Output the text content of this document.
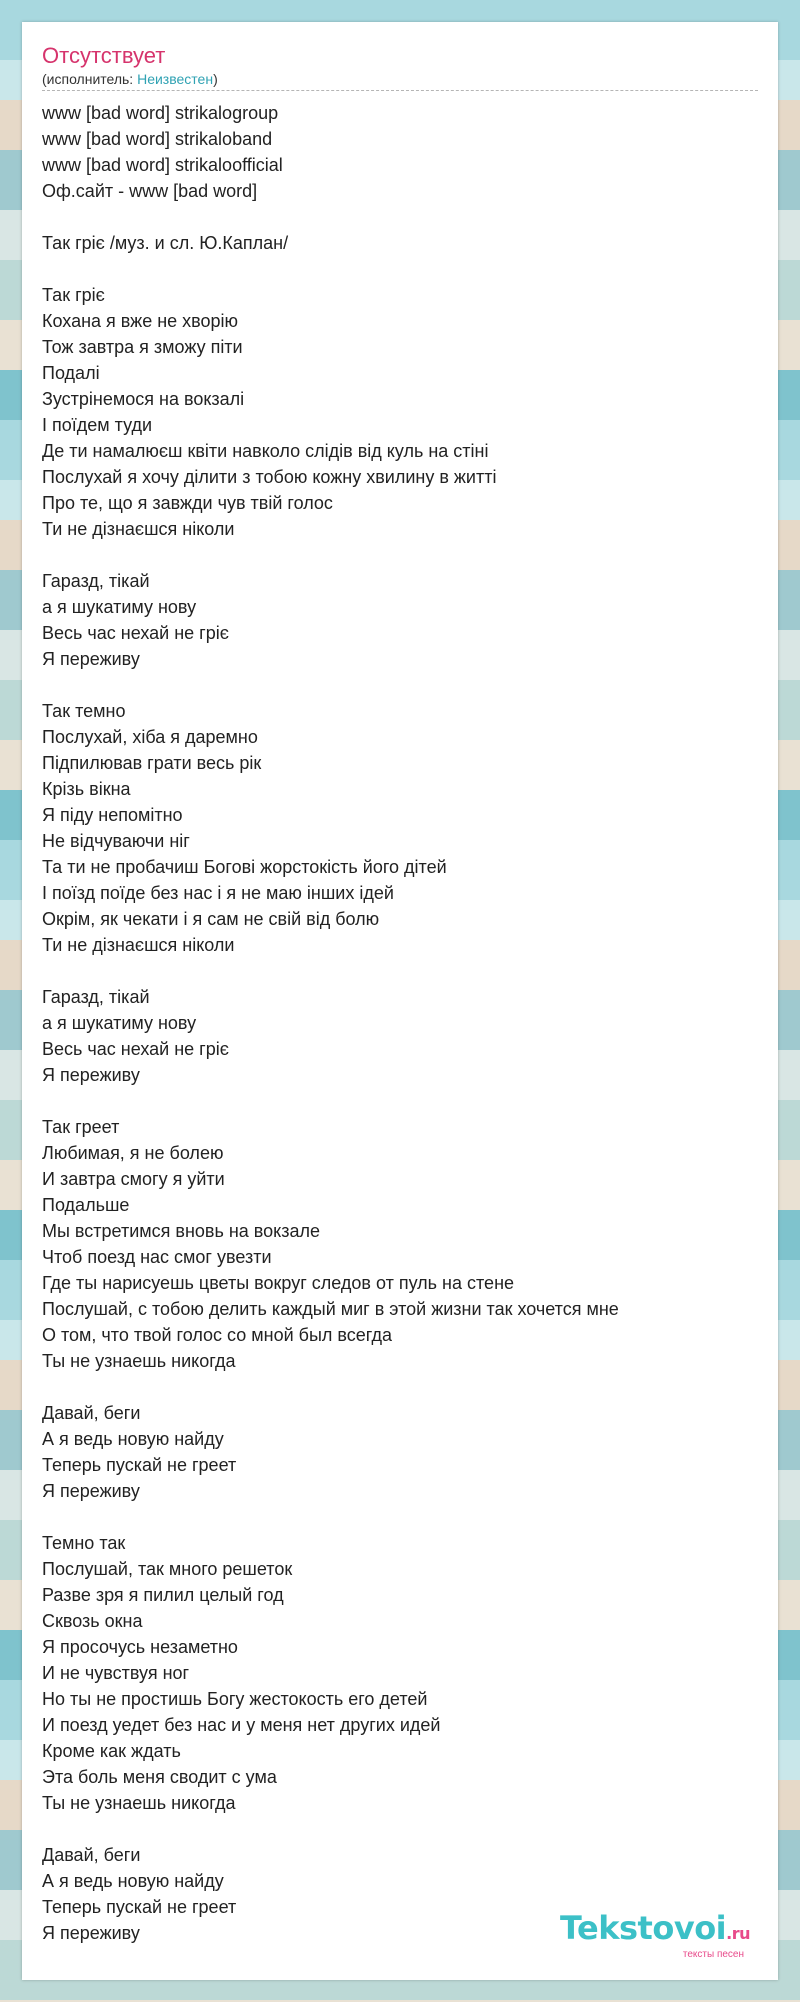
Отсутствует
(исполнитель: Неизвестен)
www [bad word] strikalogroup
www [bad word] strikaloband
www [bad word] strikaloofficial
Оф.сайт - www [bad word]
Так гріє /муз. и сл. Ю.Каплан/
Так гріє
Кохана я вже не хворію
Тож завтра я зможу піти
Подалі
Зустрінемося на вокзалі
І поїдем туди
Де ти намалюєш квіти навколо слідів від куль на стіні
Послухай я хочу ділити з тобою кожну хвилину в житті
Про те, що я завжди чув твій голос
Ти не дізнаєшся ніколи
Гаразд, тікай
а я шукатиму нову
Весь час нехай не гріє
Я переживу
Так темно
Послухай, хіба я даремно
Підпилював грати весь рік
Крізь вікна
Я піду непомітно
Не відчуваючи ніг
Та ти не пробачиш Богові жорстокість його дітей
І поїзд поїде без нас і я не маю інших ідей
Окрім, як чекати і я сам не свій від болю
Ти не дізнаєшся ніколи
Гаразд, тікай
а я шукатиму нову
Весь час нехай не гріє
Я переживу
Так греет
Любимая, я не болею
И завтра смогу я уйти
Подальше
Мы встретимся вновь на вокзале
Чтоб поезд нас смог увезти
Где ты нарисуешь цветы вокруг следов от пуль на стене
Послушай, с тобою делить каждый миг в этой жизни так хочется мне
О том, что твой голос со мной был всегда
Ты не узнаешь никогда
Давай, беги
А я ведь новую найду
Теперь пускай не греет
Я переживу
Темно так
Послушай, так много решеток
Разве зря я пилил целый год
Сквозь окна
Я просочусь незаметно
И не чувствуя ног
Но ты не простишь Богу жестокость его детей
И поезд уедет без нас и у меня нет других идей
Кроме как ждать
Эта боль меня сводит с ума
Ты не узнаешь никогда
Давай, беги
А я ведь новую найду
Теперь пускай не греет
Я переживу	Tekstovoi.ru
тексты песен
